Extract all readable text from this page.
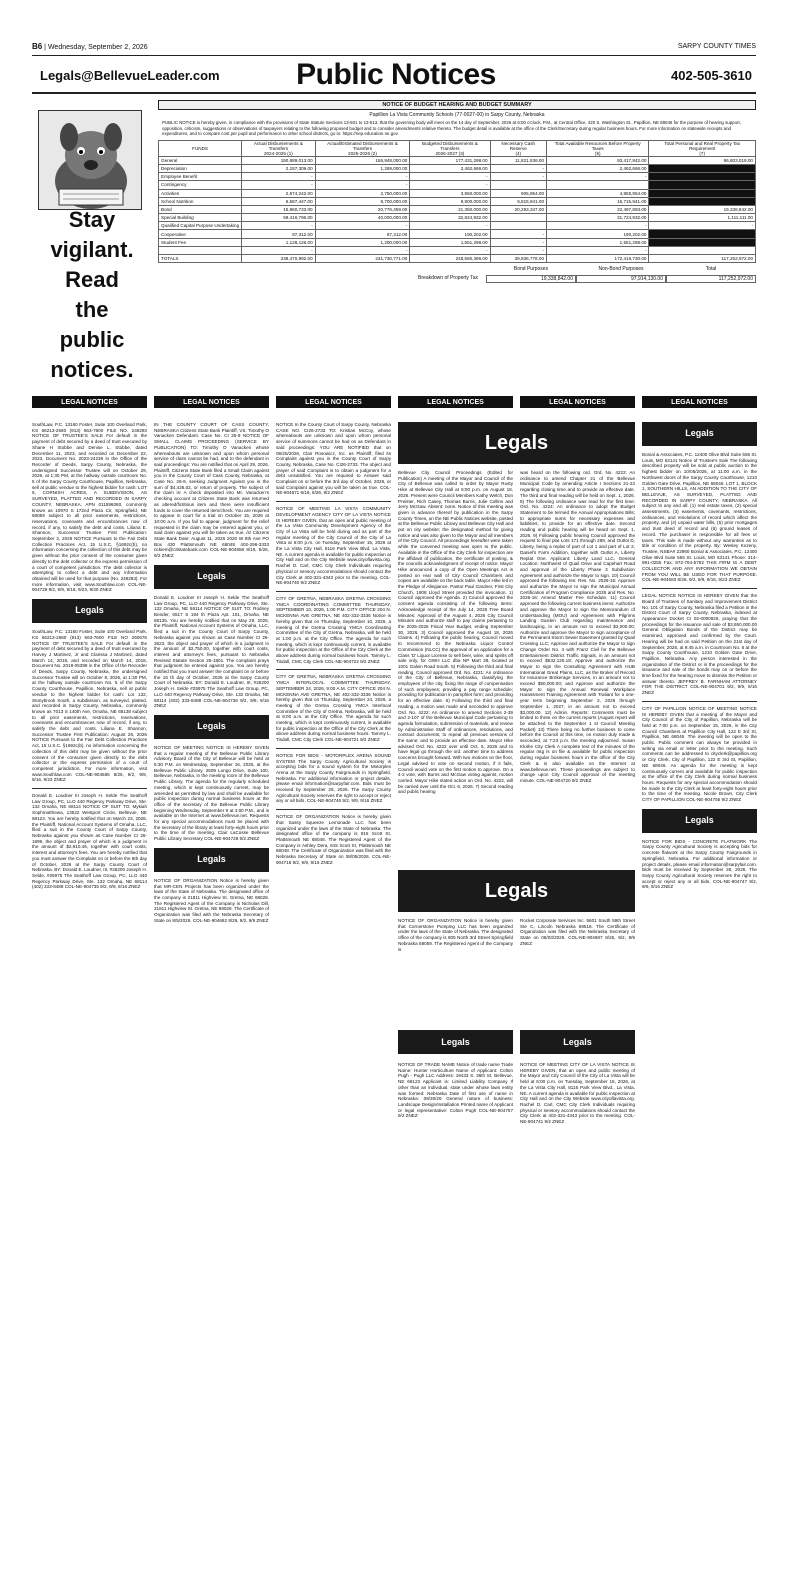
B6 | Wednesday, September 2, 2026	SARPY COUNTY TIMES
Legals@BellevueLeader.com	Public Notices	402-505-3610
Stay
vigilant.
Read
the
public
notices.
NOTICE OF BUDGET HEARING AND BUDGET SUMMARY
Papillion La Vista Community Schools (77-0027-00) in Sarpy County, Nebraska
PUBLIC NOTICE is hereby given, in compliance with the provisions of State Statute Sections 13-501 to 13-513, that the governing body will meet on the 14 day of September, 2026 at 6:00 o'clock, P.M., at Central Office, 420 S. Washington St., Papillion, NE 68046 for the purpose of hearing support, opposition, criticism, suggestions or observations of taxpayers relating to the following proposed budget and to consider amendments relative thereto. The budget detail is available at the office of the Clerk/Secretary during regular business hours. For more information on statewide receipts and expenditures, and to compare cost per pupil and performance to other school districts, go to: https://nep.education.ne.gov.
FUNDS	Actual Disbursements & Transfers
2024-2025 (1)	Actual/Estimated Disbursements & Transfers
2025-2026 (2)	Budgeted Disbursements & Transfers
2026-2027 (3)	Necessary Cash Reserve
(4)	Total Available Resources Before Property Taxes
(5)	Total Personal and Real Property Tax Requirement
(7)
General	150,689,013.00	156,948,000.00	177,431,298.00	11,821,536.00	93,417,842.00	96,803,019.00
Depreciation	2,157,309.00	1,269,000.00	2,462,666.00	-	2,462,666.00	
Employee Benefit	-	-	-	-	-	
Contingency	-	-	-			
Activities	2,574,242.00	2,750,000.00	3,950,000.00	905,954.00	4,855,954.00	
School Nutrition	6,587,447.00	8,700,000.00	8,900,000.00	6,815,941.00	15,715,941.00	
Bond	15,860,733.00	20,776,459.00	21,350,000.00	20,293,347.00	22,497,893.00	19,338,842.00
Special Building	59,416,796.00	40,000,000.00	32,824,932.00		31,724,932.00	1,111,111.00
Qualified Capital Purpose Undertaking	-	-	-		-	-
Cooperative	87,312.00	87,312.00	190,202.00	-	190,202.00	
Student Fee	1,128,126.00	1,200,000.00	1,551,298.00	-	1,551,298.00	
	-	-	-	-	-	
TOTALS	238,470,992.00	231,730,771.00	248,660,396.00	39,836,778.00	172,416,730.00	117,252,972.00
Bond Purposes	Non-Bond Purposes	Total
Breakdown of Property Tax	19,338,842.00	97,914,130.00	117,252,972.00
LEGAL NOTICES	LEGAL NOTICES	LEGAL NOTICES	LEGAL NOTICES	LEGAL NOTICES	LEGAL NOTICES
SouthLaw, P.C. 13160 Foster, Suite 100 Overland Park, KS 66213-2660 (913) 663-7600 FILE NO. 249293 NOTICE OF TRUSTEE'S SALE For default in the payment of debt secured by a deed of trust executed by Shane H Stobbe and Denise L. Stobbe, dated December 11, 2023, and recorded on December 22, 2023, Document No. 2023-24236 in the Office of the Recorder of Deeds, Sarpy County, Nebraska, the undersigned Successor Trustee will on October 29, 2026, at 1:30 PM, at the hallway outside courtroom No. 5 of the Sarpy County Courthouse, Papillion, Nebraska, sell at public vendue to the highest bidder for cash: LOT 5, CORNISH ACRES, A SUBDIVISION, AS SURVEYED, PLATTED AND RECORDED IN SARPY COUNTY, NEBRASKA. APN 011596060, commonly known as 10970 S 172nd Plaza Cir, Springfield, NE 68059 subject to all prior easements, restrictions, reservations, covenants and encumbrances now of record, if any, to satisfy the debt and costs. Liliana E. Shannon, Successor Trustee First Publication: September 2, 2026 NOTICE Pursuant to the Fair Debt Collection Practices Act, 15 U.S.C. §1692c(b), no information concerning the collection of this debt may be given without the prior consent of the consumer given directly to the debt collector or the express permission of a court of competent jurisdiction. The debt collector is attempting to collect a debt and any information obtained will be used for that purpose (No. 249293). For more information, visit www.Southlaw.com COL-NE-904729 9/2, 9/9, 9/16, 9/23, 9/30 ZNEZ
Legals
SouthLaw, P.C. 13160 Foster, Suite 100 Overland Park, KS 66213-2660 (913) 663-7600 FILE NO 260676 NOTICE OF TRUSTEE'S SALE For default in the payment of debt secured by a deed of trust executed by Harvey J Martinez, Jr and Clarissa J Martinez, dated March 14, 2018, and recorded on March 14, 2018, Document No. 2018-05398 in the Office of the Recorder of Deeds, Sarpy County, Nebraska, the undersigned Successor Trustee will on October 8, 2026, at 1:30 PM, at the hallway outside courtroom No. 5 of the Sarpy County Courthouse, Papillion, Nebraska, sell at public vendue to the highest bidder for cash: Lot 132, Stonybrook South, a subdivision, as surveyed, platted, and recorded in Sarpy County, Nebraska., commonly known as 7013 S 140th Ave, Omaha, NE 68138 subject to all prior easements, restrictions, reservations, covenants and encumbrances now of record, if any, to satisfy the debt and costs. Liliana E. Shannon, Successor Trustee First Publication: August 26, 2026 NOTICE Pursuant to the Fair Debt Collection Practices Act, 15 U.S.C. §1692c(b), no information concerning the collection of this debt may be given without the prior consent of the consumer given directly to the debt collector or the express permission of a court of competent jurisdiction. For more information, visit www.Southlaw.com COL-NE-904585 8/26, 9/2, 9/9, 9/16, 9/23 ZNEZ
Donald E. Loudner III Joseph H. Selde The Seathoff Law Group, PC, LLO 440 Regency Parkway Drive, Ste. 132 Omaha, NE 68114 NOTICE OF SUIT TO: Mykiah Sophmatthewa, 13522 Westport Circle, Bellevue, NE 68123. You are hereby notified that on March 23, 2026, the Plaintiff, National Account Systems of Omaha, LLC, filed a suit in the County Court of Sarpy County, Nebraska against you shown as Case Number CI 26-1899, the object and prayer of which is a judgment in the amount of $2,910.46, together with court costs, interest and attorney's fees. You are hereby notified that you must answer the Complaint on or before the 8th day of October, 2026 at the Sarpy County Court of Nebraska. BY: Donald E. Loudner, III, #26200 Joseph H. Selde, #25975 The Seathoff Law Group, PC, LLO 440 Regency Parkway Drive, Ste. 132 Omaha, NE 68114 (402) 333-8488 COL-NE-904735 9/2, 9/9, 9/16 ZNEZ
IN THE COUNTY COURT OF CASS COUNTY, NEBRASKA Citizens State Bank Plaintiff, VS. Timothy O Vanacken Defendant. Case No. CI 25-9 NOTICE OF SMALL CLAIMS PROCEEDING (SERVICE BY PUBLICATION) TO: Timothy O Vanacken whose whereabouts are unknown and upon whom personal service of claim cannot be had, and to the defendant in said proceedings: You are notified that on April 29, 2026, Plaintiff, Citizens State Bank filed a Small Claim against you in the County Court of Cass County, Nebraska, at Case No. 26-9, seeking Judgment Against you in the sum of $4,426.02, or return of property. The subject of the claim is: A check deposited into Mr. Vanacken's checking account at Citizens State Bank was returned as altered/fictitious item and there were insufficient funds to cover the returned item/check. You are required to appear in court for a trial on October 15, 2026 at 10:00 a.m. If you fail to appear, judgment for the relief requested in the claim may be entered against you, or said claim against you will be taken as true. /s/ Citizens State Bank Date: August 11, 2026 2020 W 8th Ave PO Box 430 Plattsmouth NE 68048 402-296-3333 rickiem@citstatebank.com COL-NE-904658 8/19, 8/26, 9/2 ZNEZ
Legals
Donald E. Loudner III Joseph H. Selde The Seathoff Law Group, PC, LLO 440 Regency Parkway Drive, Ste. 132 Omaha, NE 68114 NOTICE OF SUIT TO: Rodney Bender, 6517 S 194 th Plaza Apt. 101, Omaha, NE 68135. You are hereby notified that on May 29, 2026, the Plaintiff, National Account Systems of Omaha, LLC, filed a suit in the County Court of Sarpy County, Nebraska against you shown as Case Number CI 26-3623, the object and prayer of which is a judgment in the amount of $2,750.00, together with court costs, interest and attorney's fees, pursuant to Nebraska Revised Statute Section 25-1801. The complaint prays that judgment be entered against you. You are hereby notified that you must answer the complaint on or before the 16 th day of October, 2026 at the Sarpy County Court of Nebraska. BY: Donald E. Loudner, III, #26200 Joseph H. Selde #25975 The Seathoff Law Group, PC, LLO 440 Regency Parkway Drive, Ste. 132 Omaha, NE 68114 (402) 333-8488 COL-NE-904736 9/2, 9/9, 9/16 ZNEZ
Legals
NOTICE OF MEETING NOTICE IS HEREBY GIVEN that a regular meeting of the Bellevue Public Library Advisory Board of the City of Bellevue will be held at 5:30 P.M. on Wednesday, September 16, 2026, at the Bellevue Public Library, 2509 Longo Drive, Suite 100, Bellevue, Nebraska, in the meeting room of the Bellevue Public Library. The agenda for the regularly scheduled meeting, which is kept continuously current, may be amended as permitted by law and shall be available for public inspection during normal business hours at the office of the secretary of the Bellevue Public Library beginning Wednesday, September 9 at 4:00 P.M., and is available on the Internet at www.bellevue.net. Requests for any special accommodations must be placed with the secretary of the library at least forty-eight hours prior to the time of the meeting. Clair LaCosse Bellevue Public Library Secretary COL-NE-904728 9/2 ZNEZ
Legals
NOTICE OF ORGANIZATION Notice is hereby given that MR-CEN Projects has been organized under the laws of the State of Nebraska. The designated office of the company is 21811 Highview St. Gretna, NE 68028. The Registered Agent of the Company is Nicholas Dill, 21811 Highview St. Gretna, NE 68028. The Certificate of Organization was filed with the Nebraska Secretary of State on 8/5/2026. COL-NE-904682 8/26, 9/2, 9/9 ZNEZ
NOTICE In the County Court of Sarpy County, Nebraska CASE NO. CI26-2733 TO: Kristian McCoy, whose whereabouts are unknown and upon whom personal service of summons cannot be had on as Defendant in said proceedings: YOU ARE NOTIFIED that on 08/25/2026, Clair Rosowicz, Inc. as Plaintiff, filed its Complaint against you in the County Court of Sarpy County, Nebraska, Case No. CI26-2733. The object and prayer of said Complaint is to obtain a judgment for a debt unsatisfied. You are required to Answer said Complaint on or before the 3rd day of October, 2026, or said Complaint against you will be taken as true. COL-NE-904671 8/19, 8/26, 9/2 ZNEZ
NOTICE OF MEETING LA VISTA COMMUNITY DEVELOPMENT AGENCY CITY OF LA VISTA NOTICE IS HEREBY GIVEN, that an open and public meeting of the La Vista Community Development Agency of the City of La Vista will be held during and as part of the regular meeting of the City Council of the City of La Vista at 6:00 p.m. on Tuesday, September 15, 2026 at the La Vista City Hall, 8116 Park View Blvd, La Vista, NE. A current agenda is available for public inspection at City Hall and on the City Website www.cityoflavista.org. Rachel D. Carl, CMC City Clerk Individuals requiring physical or sensory accommodations should contact the City Clerk at 402-331-4343 prior to the meeting. COL-NE-904740 9/2 ZNEZ
CITY OF GRETNA, NEBRASKA GRETNA CROSSING YMCA COORDINATING COMMITTEE THURSDAY, SEPTEMBER 10, 2026, 1:00 P.M. CITY OFFICE 204 N. MCKENNA AVE GRETNA, NE 402-332-3336 Notice is hereby given that on Thursday, September 10, 2026, a meeting of the Gretna Crossing YMCA Coordinating Committee of the City of Gretna, Nebraska, will be held at 1:00 p.m. at the City Office. The agenda for such meeting, which is kept continuously current, is available for public inspection at the Office of the City Clerk at the above address during normal business hours. Tammy L. Tisdall, CMC City Clerk COL-NE-904722 9/2 ZNEZ
CITY OF GRETNA, NEBRASKA GRETNA CROSSING YMCA INTERLOCAL COMMITTEE THURSDAY, SEPTEMBER 24, 2026, 9:00 A.M. CITY OFFICE 204 N. MCKENNA AVE GRETNA, NE 402-332-3336 Notice is hereby given that on Thursday, September 24, 2026, a meeting of the Gretna Crossing YMCA Interlocal Committee of the City of Gretna, Nebraska, will be held at 9:00 a.m. at the City Office. The agenda for such meeting, which is kept continuously current, is available for public inspection at the Office of the City Clerk at the above address during normal business hours. Tammy L. Tisdall, CMC City Clerk COL-NE-904721 9/2 ZNEZ
NOTICE FOR BIDS - MOTORPLEX ARENA SOUND SYSTEM The Sarpy County Agricultural Society is accepting bids for a sound system for the Motorplex Arena at the Sarpy County Fairgrounds in Springfield, Nebraska. For additional information or project details, please email information@sarpyfair.com. Bids must be received by September 28, 2026. The Sarpy County Agricultural Society reserves the right to accept or reject any or all bids. COL-NE-904746 9/2, 9/9, 9/16 ZNEZ
NOTICE OF ORGANIZATION Notice is hereby given that Sassy Squeeze Lemonade LLC has been organized under the laws of the State of Nebraska. The designated office of the company is 915 Scott St, Plattsmouth NE 68048. The Registered Agent of the Company is Ashley Dera, 915 Scott St, Plattsmouth NE 68048. The Certificate of Organization was filed with the Nebraska Secretary of State on 08/05/2026. COL-NE-904716 9/2, 9/9, 9/16 ZNEZ
Legals
Bellevue City Council Proceedings (Edited for Publication) A meeting of the Mayor and Council of the City of Bellevue was called to order by Mayor Rusty Hike at Bellevue City Hall at 6:00 p.m. on August 18, 2026. Present were Council Members Kathy Welch, Don Preister, Rich Casey, Thomas Burns, Julie Collins and Jerry McGaw. Absent: none. Notice of this meeting was given in advance thereof by publication in the Sarpy County Times, on the NE Public Notices website, posted at the Bellevue Public Library and Bellevue City Hall and put on city website; the designated method for giving notice and was also given to the Mayor and all members of the City Council. All proceedings hereafter were taken while the convened meeting was open to the public. Available in the Office of the City Clerk for inspection are the affidavit of publication, the certificate of posting, & the councils acknowledgment of receipt of notice. Mayor Hike announced a copy of the Open Meetings Act is posted on rear wall of City Council Chambers and copies are available on the back table. Mayor Hike led in the Pledge of Allegiance. Pastor Paul Gardner, First City Church, 1908 Lloyd Street provided the invocation. 1) Council approved the Agenda. 2) Council approved the consent agenda consisting of the following items: Acknowledge receipt of the July 14, 2026 Tree Board Minutes; Approval of the August 4, 2026 City Council Minutes and authorize staff to pay claims pertaining to the 2025-2026 Fiscal Year Budget, ending September 30, 2026. 3) Council approved the August 18, 2026 Claims. 4) Following the public hearing, Council moved to recommend to the Nebraska Liquor Control Commission (NLCC) the approval of an application for a Class 'D' Liquor License to sell beer, wine, and spirits off sale only, for GWH LLC dba NP Mart 38, located at 1001 Galvin Road South. 5) Following the third and final reading, Council approved Ord. No. 4221: An ordinance of the City of Bellevue, Nebraska, classifying the employees of the city, fixing the range of compensation of such employees; providing a pay range schedule; providing for publication in pamphlet form; and providing for an effective date. 6) Following the third and final reading, a motion was made and seconded to approve Ord. No. 4222: An ordinance to amend Sections 2-39 and 2-107 of the Bellevue Municipal Code pertaining to agenda formulation, submission of materials, and review by Administrative Staff of ordinances, resolutions, and contract documents; to repeal all previous versions of the same; and to provide an effective date. Mayor Hike advised Ord. No. 4222 over until Oct. 6, 2026 and to have legal go through the ord. another time to address concerns brought forward. With two motions on the floor, Legal advised to vote on second motion, if it fails, Council would vote on the first motion to approve. On a 4-2 vote, with Burns and McGaw voting against, motion carried. Mayor Hike stated action on Ord. No. 4222, will be carried over until the Oct. 6, 2026. 7) Second reading and public hearing
was heard on the following ord. Ord. No. 4223: An ordinance to amend Chapter 21 of the Bellevue Municipal Code by amending Article I Sections 21-23 regarding closing time and to provide an effective date. The third and final reading will be held on Sept. 1, 2026. 8) The following ordinance was read for the first time: Ord. No. 4224: An ordinance to adopt the Budget Statement to be termed the Annual Appropriations Bills; to appropriate sums for necessary expenses and liabilities; to provide for an effective date. Second reading and public hearing will be heard on Sept. 1, 2026. 9) Following public hearing Council approved the request to final plat Lots 171 through 289, and Outlot D, Liberty, being a replat of part of Lot 1 and part of Lot 2, Daniel's Farm Addition, together with Outlot A, Liberty Replat One. Applicant: Liberty Land LLC. General Location: Northwest of Quail Drive and Capehart Road and approval of the Liberty Phase 3 Subdivision Agreement and authorize the Mayor to sign. 10) Council approved the following res: Res. No. 2026-15: Approve and authorize the Mayor to sign the Municipal Annual Certification of Program Compliance 2026 and Res. No. 2026-16: Amend Master Fee Schedule. 11) Council approved the following current business items: Authorize and approve the Mayor to sign the Memorandum of Understanding (MOU) and Agreement with Pilgrims Landing Garden Club regarding maintenance and landscaping, in an amount not to exceed $2,000.00; Authorize and approve the Mayor to sign acceptance of the Permanent Storm Sewer Easement granted by Quail Crossing LLC; Approve and authorize the Mayor to sign Change Order No. 4 with Franz Civil for the Bellevue Entertainment District Traffic Signals, in an amount not to exceed $532,125.18; Approve and authorize the Mayor to sign the Consulting Agreement with HUB International Great Plains, LLC, as the Broker of Record for Insurance Brokerage Services, in an amount not to exceed $50,000.00; and Approve and authorize the Mayor to sign the Annual Renewal Workplace Harassment Training Agreement with Traliant for a one-year term beginning September 2, 2026 through September 1, 2027, in an amount not to exceed $3,000.00. 12) Admin. Reports: Comments must be limited to three on the current reports (August report will be attached to the September 1 st Council Meeting Packet) 13) There being no further business to come before the Council at this time, on motion duly made & seconded, at 7:23 p.m. the meeting adjourned. Susan Kluthe City Clerk A complete text of the minutes of the regular mtg is on file & available for public inspection during regular business hours in the office of the City Clerk & is also available on the Internet at www.bellevue.net. These proceedings are subject to change upon City Council approval of the meeting minute. COL-NE-904720 9/2 ZNEZ
Legals
NOTICE OF ORGANIZATION Notice is hereby given that Cornerstone Pumping LLC has been organized under the laws of the State of Nebraska. The designated office of the company is 805 North 3rd Street Springfield Nebraska 68059. The Registered Agent of the Company is
Rocket Corporate Services Inc. 5601 South 59th Street Ste C, Lincoln Nebraska 68516. The Certificate of Organization was filed with the Nebraska Secretary of State on 08/03/2026. COL-NE-904687 8/26, 9/2, 9/9 ZNEZ
Legals	Legals
NOTICE OF TRADE NAME Notice of trade name Trade Name: Hunter Horticulture Name of Applicant: Colton Pugh - Pugh LLC Address: 19433 S. 36th St. Bellevue, NE 68123 Applicant is: Limited Liability Company If other than an individual, state under whose laws entity was formed: Nebraska Date of first use of name in Nebraska: 08/30/26 General nature of business: Landscape Design/Installation Printed name of Applicant or legal representative: Colton Pugh COL-NE-904757 9/2 ZNEZ
NOTICE OF MEETING CITY OF LA VISTA NOTICE IS HEREBY GIVEN, that an open and public meeting of the Mayor and City Council of the City of La Vista will be held at 6:00 p.m. on Tuesday, September 15, 2026, at the La Vista City Hall, 8116 Park View Blvd., La Vista, NE. A current agenda is available for public inspection at City Hall and on the City Website www.cityoflavista.org. Rachel D. Carl, CMC City Clerk Individuals requiring physical or sensory accommodations should contact the City Clerk at 402-331-4343 prior to the meeting. COL-NE-904741 9/2 ZNEZ
Legals
Bonial & Associates, P.C. 12400 Olive Blvd Suite 555 St. Louis, MO 63141 Notice of Trustee's Sale The following described property will be sold at public auction to the highest bidder on 10/05/2026, at 11:00 a.m. in the Northwest doors of the Sarpy County Courthouse, 1210 Golden Gate Drive, Papillion, NE 68046. LOT 1, BLOCK 1, SOUTHERN HILLS, AN ADDITION TO THE CITY OF BELLEVUE, AS SURVEYED, PLATTED AND RECORDED IN SARPY COUNTY, NEBRASKA. All subject to any and all: (1) real estate taxes, (2) special assessments, (3) easements, covenants, restrictions, ordinances, and resolutions of record which affect the property, and (4) unpaid water bills, (5) prior mortgages and trust deed of record and (6) ground leases of record. The purchaser is responsible for all fees or taxes. This sale is made without any warranties as to title or condition of the property. By: Wesley Kozeny, Trustee, NSBA# 22960 Bonial & Associates, P.C. 12400 Olive Blvd Suite 555 St. Louis, MO 63141 Phone: 314-991-0255 Fax: 972-764-5752 THIS FIRM IS A DEBT COLLECTOR AND ANY INFORMATION WE OBTAIN FROM YOU WILL BE USED FOR THAT PURPOSE. COL-NE-904683 8/26, 9/2, 9/9, 9/16, 9/23 ZNEZ
LEGAL NOTICE NOTICE IS HEREBY GIVEN that the Board of Trustees of Sanitary and Improvement District No. 101 of Sarpy County, Nebraska filed a Petition in the District Court of Sarpy County, Nebraska, indexed at Appearance Docket CI 02-0000926, praying that the proceedings for the issuance and sale of $3,650,000.00 General Obligation Bonds of the District may be examined, approved and confirmed by the Court. Hearing will be had on said Petition on the 21st day of September, 2026, at 9:45 a.m. in Courtroom No. 6 at the Sarpy County Courthouse, 1210 Golden Gate Drive, Papillion, Nebraska. Any person interested in the organization of the District or in the proceedings for the issuance and sale of the bonds may on or before the time fixed for the hearing move to dismiss the Petition or answer thereto. JEFFREY B. FARNHAM ATTORNEY FOR THE DISTRICT COL-NE-904701 9/2, 9/9, 9/16 ZNEZ
CITY OF PAPILLION NOTICE OF MEETING NOTICE IS HEREBY GIVEN that a meeting of the Mayor and City Council of the City of Papillion, Nebraska will be held at 7:00 p.m. on September 15, 2026, in the City Council Chambers at Papillion City Hall, 122 E 3rd St, Papillion, NE 68046. The meeting will be open to the public. Public comment can always be provided in writing via email or letter prior to the meeting. Such comments can be addressed to cityclerk@papillion.org or City Clerk, City of Papillion, 122 E 3rd St, Papillion, NE 68046. An agenda for the meeting is kept continuously current and available for public inspection at the office of the City Clerk during normal business hours. Requests for any special accommodation should be made to the City Clerk at least forty-eight hours prior to the time of the meeting. Nicole Brown, City Clerk CITY OF PAPILLION COL-NE-904755 9/2 ZNEZ
Legals
NOTICE FOR BIDS - CONCRETE FLATWORK The Sarpy County Agricultural Society is accepting bids for concrete flatwork at the Sarpy County Fairgrounds in Springfield, Nebraska. For additional information or project details, please email information@sarpyfair.com. Bids must be received by September 28, 2026. The Sarpy County Agricultural Society reserves the right to accept or reject any or all bids. COL-NE-904747 9/2, 9/9, 9/16 ZNEZ
